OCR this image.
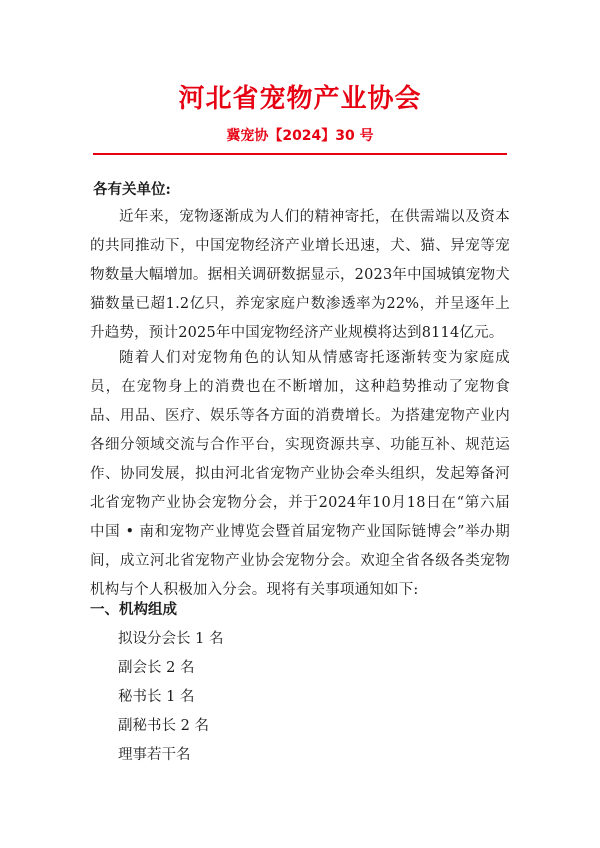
河北省宠物产业协会
冀宠协【2024】30 号
各有关单位:

近年来，宠物逐渐成为人们的精神寄托，在供需端以及资本的共同推动下，中国宠物经济产业增长迅速，犬、猫、异宠等宠物数量大幅增加。据相关调研数据显示，2023年中国城镇宠物犬猫数量已超1.2亿只，养宠家庭户数渗透率为22%，并呈逐年上升趋势，预计2025年中国宠物经济产业规模将达到8114亿元。

随着人们对宠物角色的认知从情感寄托逐渐转变为家庭成员，在宠物身上的消费也在不断增加，这种趋势推动了宠物食品、用品、医疗、娱乐等各方面的消费增长。为搭建宠物产业内各细分领域交流与合作平台，实现资源共享、功能互补、规范运作、协同发展，拟由河北省宠物产业协会牵头组织，发起筹备河北省宠物产业协会宠物分会，并于2024年10月18日在“第六届中国 • 南和宠物产业博览会暨首届宠物产业国际链博会”举办期间，成立河北省宠物产业协会宠物分会。欢迎全省各级各类宠物机构与个人积极加入分会。现将有关事项通知如下:

一、机构组成
拟设分会长 1 名
副会长 2 名
秘书长 1 名
副秘书长 2 名
理事若干名
